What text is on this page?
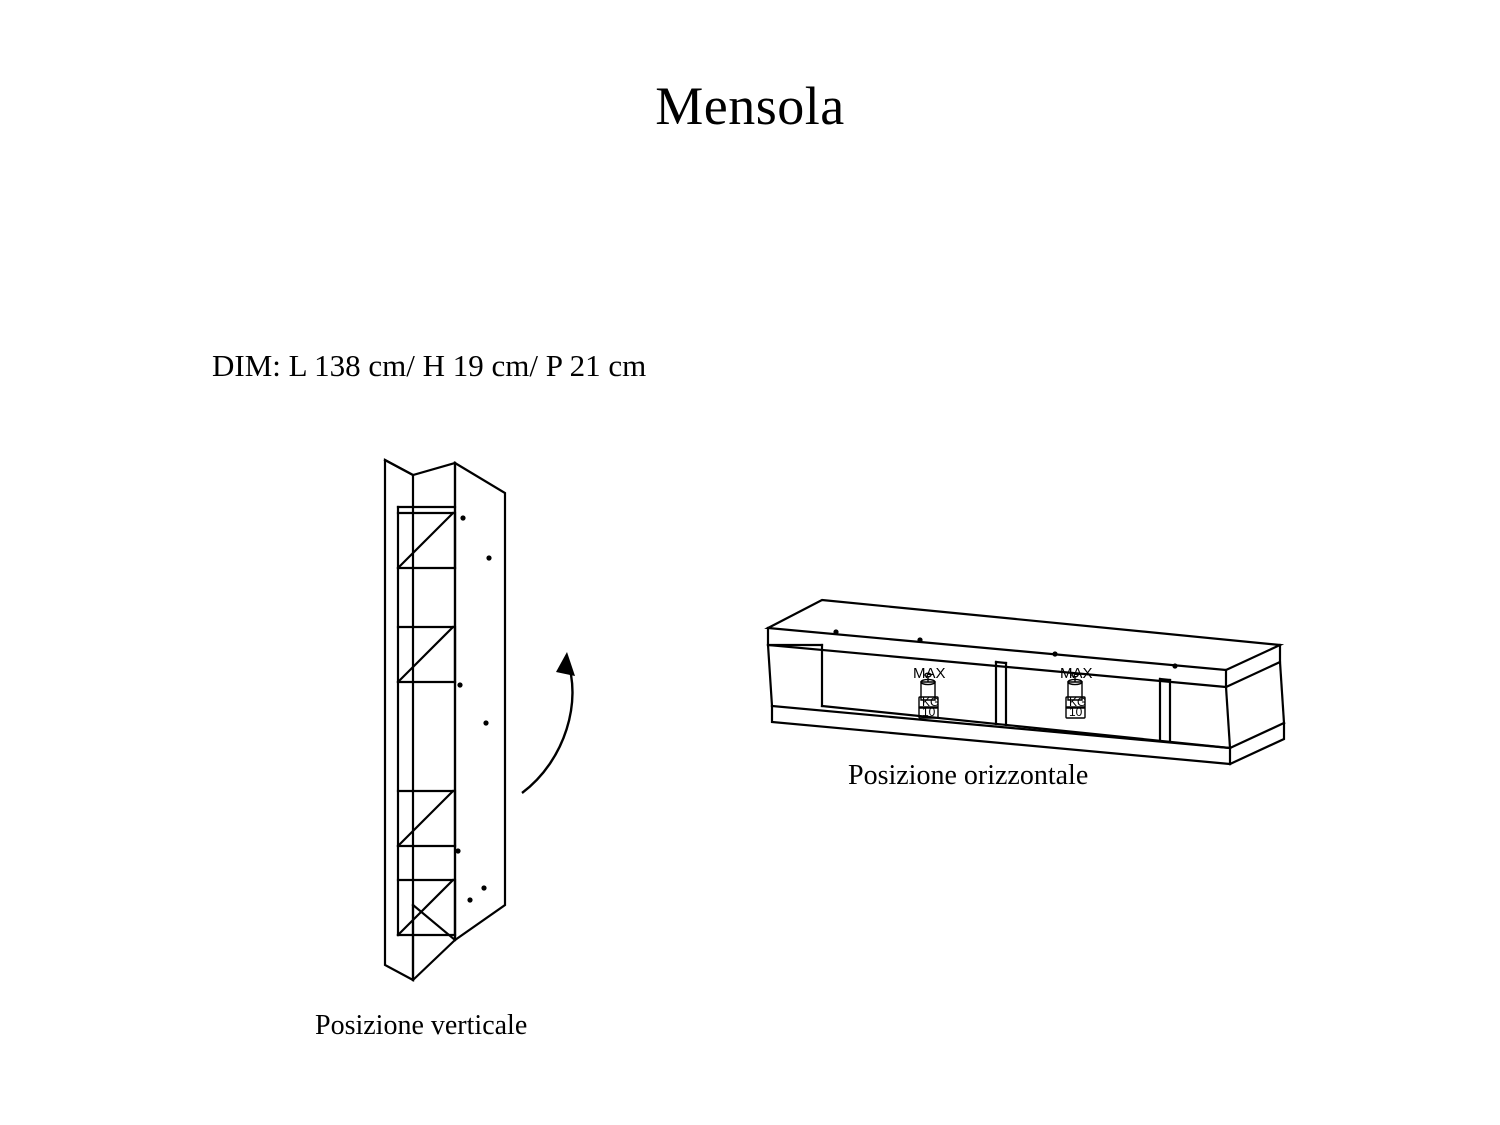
Mensola
DIM: L 138 cm/ H 19 cm/ P 21 cm
MAX
KG
10
MAX
KG
10
Posizione verticale
Posizione orizzontale
